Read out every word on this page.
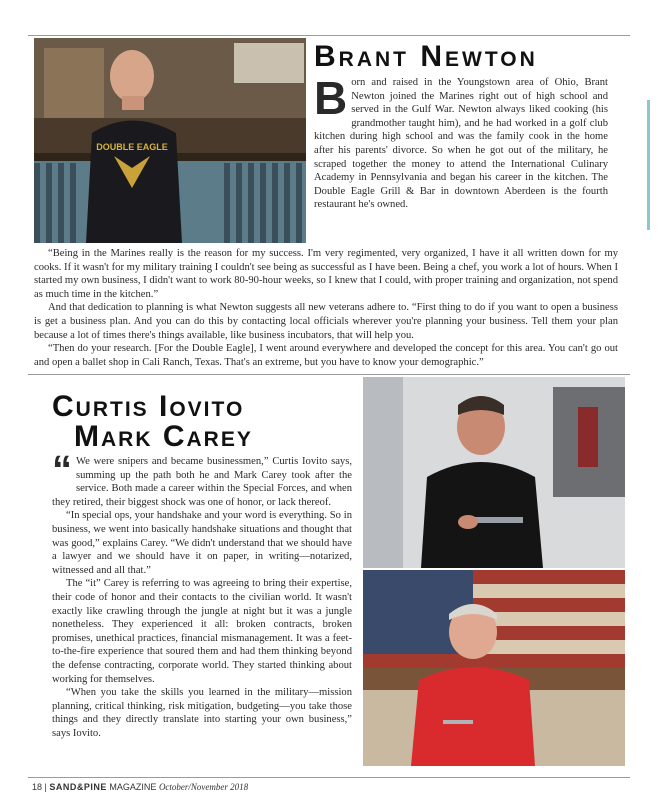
DOUBLE EAGLE
Brant Newton
Born and raised in the Youngstown area of Ohio, Brant Newton joined the Marines right out of high school and served in the Gulf War. Newton always liked cooking (his grandmother taught him), and he had worked in a golf club kitchen during high school and was the family cook in the home after his parents' divorce. So when he got out of the military, he scraped together the money to attend the International Culinary Academy in Pennsylvania and began his career in the kitchen. The Double Eagle Grill & Bar in downtown Aberdeen is the fourth restaurant he's owned.

“Being in the Marines really is the reason for my success. I'm very regimented, very organized, I have it all written down for my cooks. If it wasn't for my military training I couldn't see being as successful as I have been. Being a chef, you work a lot of hours. When I started my own business, I didn't want to work 80-90-hour weeks, so I knew that I could, with proper training and organization, not spend as much time in the kitchen.”

And that dedication to planning is what Newton suggests all new veterans adhere to. “First thing to do if you want to open a business is get a business plan. And you can do this by contacting local officials wherever you're planning your business. Tell them your plan because a lot of times there's things available, like business incubators, that will help you.

“Then do your research. [For the Double Eagle], I went around everywhere and developed the concept for this area. You can't go out and open a ballet shop in Cali Ranch, Texas. That's an extreme, but you have to know your demographic.”

Curtis Iovito
Mark Carey
“ We were snipers and became businessmen,” Curtis Iovito says, summing up the path both he and Mark Carey took after the service. Both made a career within the Special Forces, and when they retired, their biggest shock was one of honor, or lack thereof.

“In special ops, your handshake and your word is everything. So in business, we went into basically handshake situations and thought that was good,” explains Carey. “We didn't understand that we should have a lawyer and we should have it on paper, in writing—notarized, witnessed and all that.”

The “it” Carey is referring to was agreeing to bring their expertise, their code of honor and their contacts to the civilian world. It wasn't exactly like crawling through the jungle at night but it was a jungle nonetheless. They experienced it all: broken contracts, broken promises, unethical practices, financial mismanagement. It was a feet-to-the-fire experience that soured them and had them thinking beyond the defense contracting, corporate world. They started thinking about working for themselves.

“When you take the skills you learned in the military—mission planning, critical thinking, risk mitigation, budgeting—you take those things and they directly translate into starting your own business,” says Iovito.

18 | SAND&PINE MAGAZINE October/November 2018
